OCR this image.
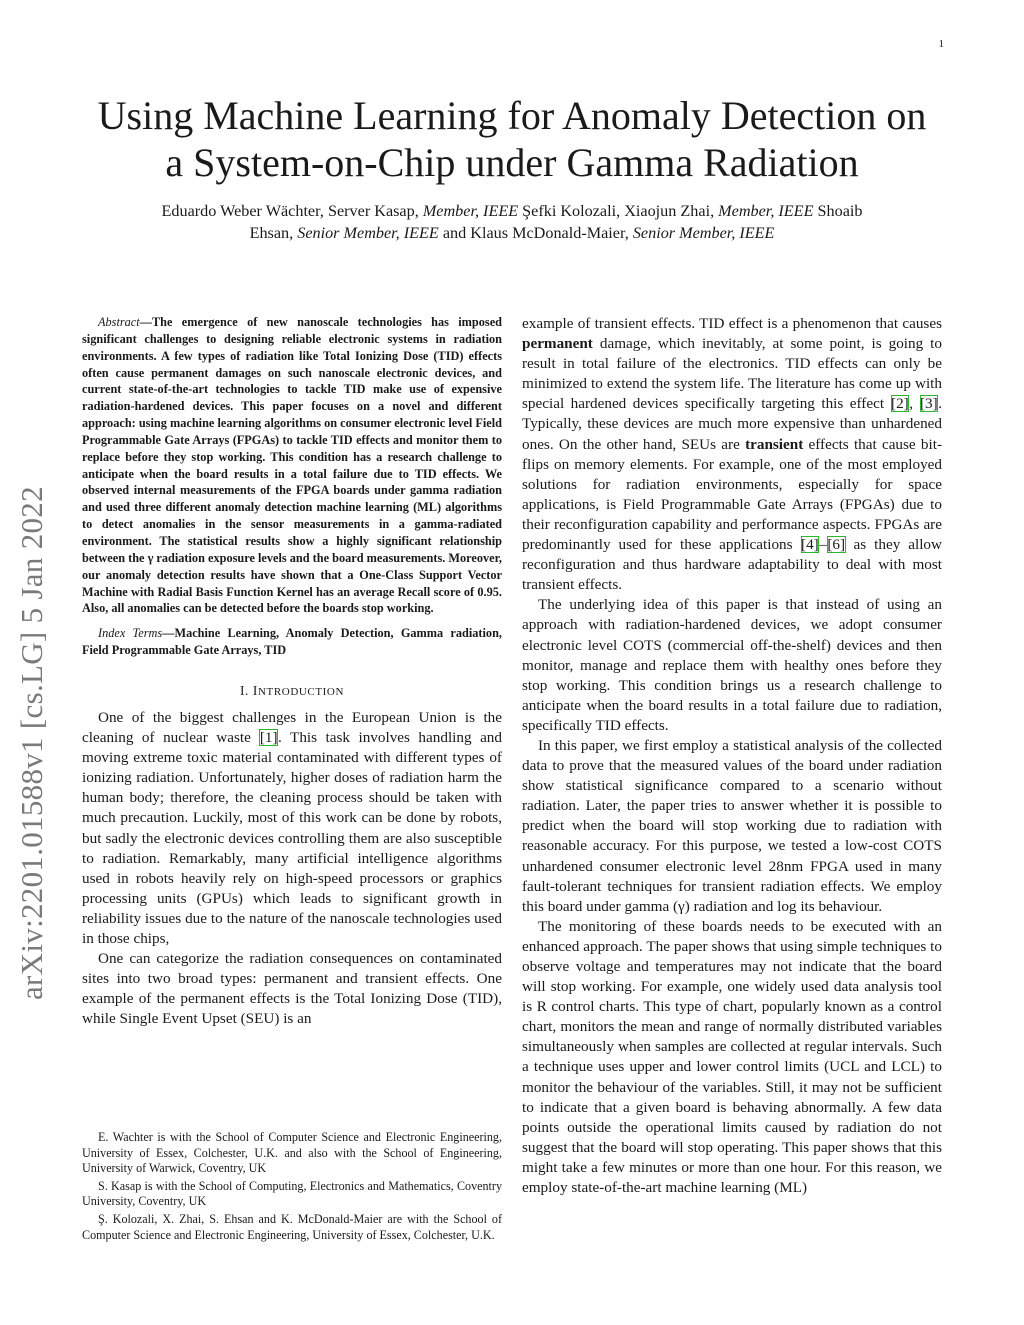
1
arXiv:2201.01588v1 [cs.LG] 5 Jan 2022
Using Machine Learning for Anomaly Detection on
a System-on-Chip under Gamma Radiation
Eduardo Weber Wächter, Server Kasap, Member, IEEE Şefki Kolozali, Xiaojun Zhai, Member, IEEE Shoaib
Ehsan, Senior Member, IEEE and Klaus McDonald-Maier, Senior Member, IEEE

Abstract—The emergence of new nanoscale technologies has imposed significant challenges to designing reliable electronic systems in radiation environments. A few types of radiation like Total Ionizing Dose (TID) effects often cause permanent damages on such nanoscale electronic devices, and current state-of-the-art technologies to tackle TID make use of expensive radiation-hardened devices. This paper focuses on a novel and different approach: using machine learning algorithms on consumer electronic level Field Programmable Gate Arrays (FPGAs) to tackle TID effects and monitor them to replace before they stop working. This condition has a research challenge to anticipate when the board results in a total failure due to TID effects. We observed internal measurements of the FPGA boards under gamma radiation and used three different anomaly detection machine learning (ML) algorithms to detect anomalies in the sensor measurements in a gamma-radiated environment. The statistical results show a highly significant relationship between the γ radiation exposure levels and the board measurements. Moreover, our anomaly detection results have shown that a One-Class Support Vector Machine with Radial Basis Function Kernel has an average Recall score of 0.95. Also, all anomalies can be detected before the boards stop working.

Index Terms—Machine Learning, Anomaly Detection, Gamma radiation, Field Programmable Gate Arrays, TID

I. INTRODUCTION

One of the biggest challenges in the European Union is the cleaning of nuclear waste [1]. This task involves handling and moving extreme toxic material contaminated with different types of ionizing radiation. Unfortunately, higher doses of radiation harm the human body; therefore, the cleaning process should be taken with much precaution. Luckily, most of this work can be done by robots, but sadly the electronic devices controlling them are also susceptible to radiation. Remarkably, many artificial intelligence algorithms used in robots heavily rely on high-speed processors or graphics processing units (GPUs) which leads to significant growth in reliability issues due to the nature of the nanoscale technologies used in those chips,

One can categorize the radiation consequences on contaminated sites into two broad types: permanent and transient effects. One example of the permanent effects is the Total Ionizing Dose (TID), while Single Event Upset (SEU) is an

E. Wachter is with the School of Computer Science and Electronic Engineering, University of Essex, Colchester, U.K. and also with the School of Engineering, University of Warwick, Coventry, UK

S. Kasap is with the School of Computing, Electronics and Mathematics, Coventry University, Coventry, UK

Ş. Kolozali, X. Zhai, S. Ehsan and K. McDonald-Maier are with the School of Computer Science and Electronic Engineering, University of Essex, Colchester, U.K.

example of transient effects. TID effect is a phenomenon that causes permanent damage, which inevitably, at some point, is going to result in total failure of the electronics. TID effects can only be minimized to extend the system life. The literature has come up with special hardened devices specifically targeting this effect [2], [3]. Typically, these devices are much more expensive than unhardened ones. On the other hand, SEUs are transient effects that cause bit-flips on memory elements. For example, one of the most employed solutions for radiation environments, especially for space applications, is Field Programmable Gate Arrays (FPGAs) due to their reconfiguration capability and performance aspects. FPGAs are predominantly used for these applications [4]–[6] as they allow reconfiguration and thus hardware adaptability to deal with most transient effects.

The underlying idea of this paper is that instead of using an approach with radiation-hardened devices, we adopt consumer electronic level COTS (commercial off-the-shelf) devices and then monitor, manage and replace them with healthy ones before they stop working. This condition brings us a research challenge to anticipate when the board results in a total failure due to radiation, specifically TID effects.

In this paper, we first employ a statistical analysis of the collected data to prove that the measured values of the board under radiation show statistical significance compared to a scenario without radiation. Later, the paper tries to answer whether it is possible to predict when the board will stop working due to radiation with reasonable accuracy. For this purpose, we tested a low-cost COTS unhardened consumer electronic level 28nm FPGA used in many fault-tolerant techniques for transient radiation effects. We employ this board under gamma (γ) radiation and log its behaviour.

The monitoring of these boards needs to be executed with an enhanced approach. The paper shows that using simple techniques to observe voltage and temperatures may not indicate that the board will stop working. For example, one widely used data analysis tool is R control charts. This type of chart, popularly known as a control chart, monitors the mean and range of normally distributed variables simultaneously when samples are collected at regular intervals. Such a technique uses upper and lower control limits (UCL and LCL) to monitor the behaviour of the variables. Still, it may not be sufficient to indicate that a given board is behaving abnormally. A few data points outside the operational limits caused by radiation do not suggest that the board will stop operating. This paper shows that this might take a few minutes or more than one hour. For this reason, we employ state-of-the-art machine learning (ML)
